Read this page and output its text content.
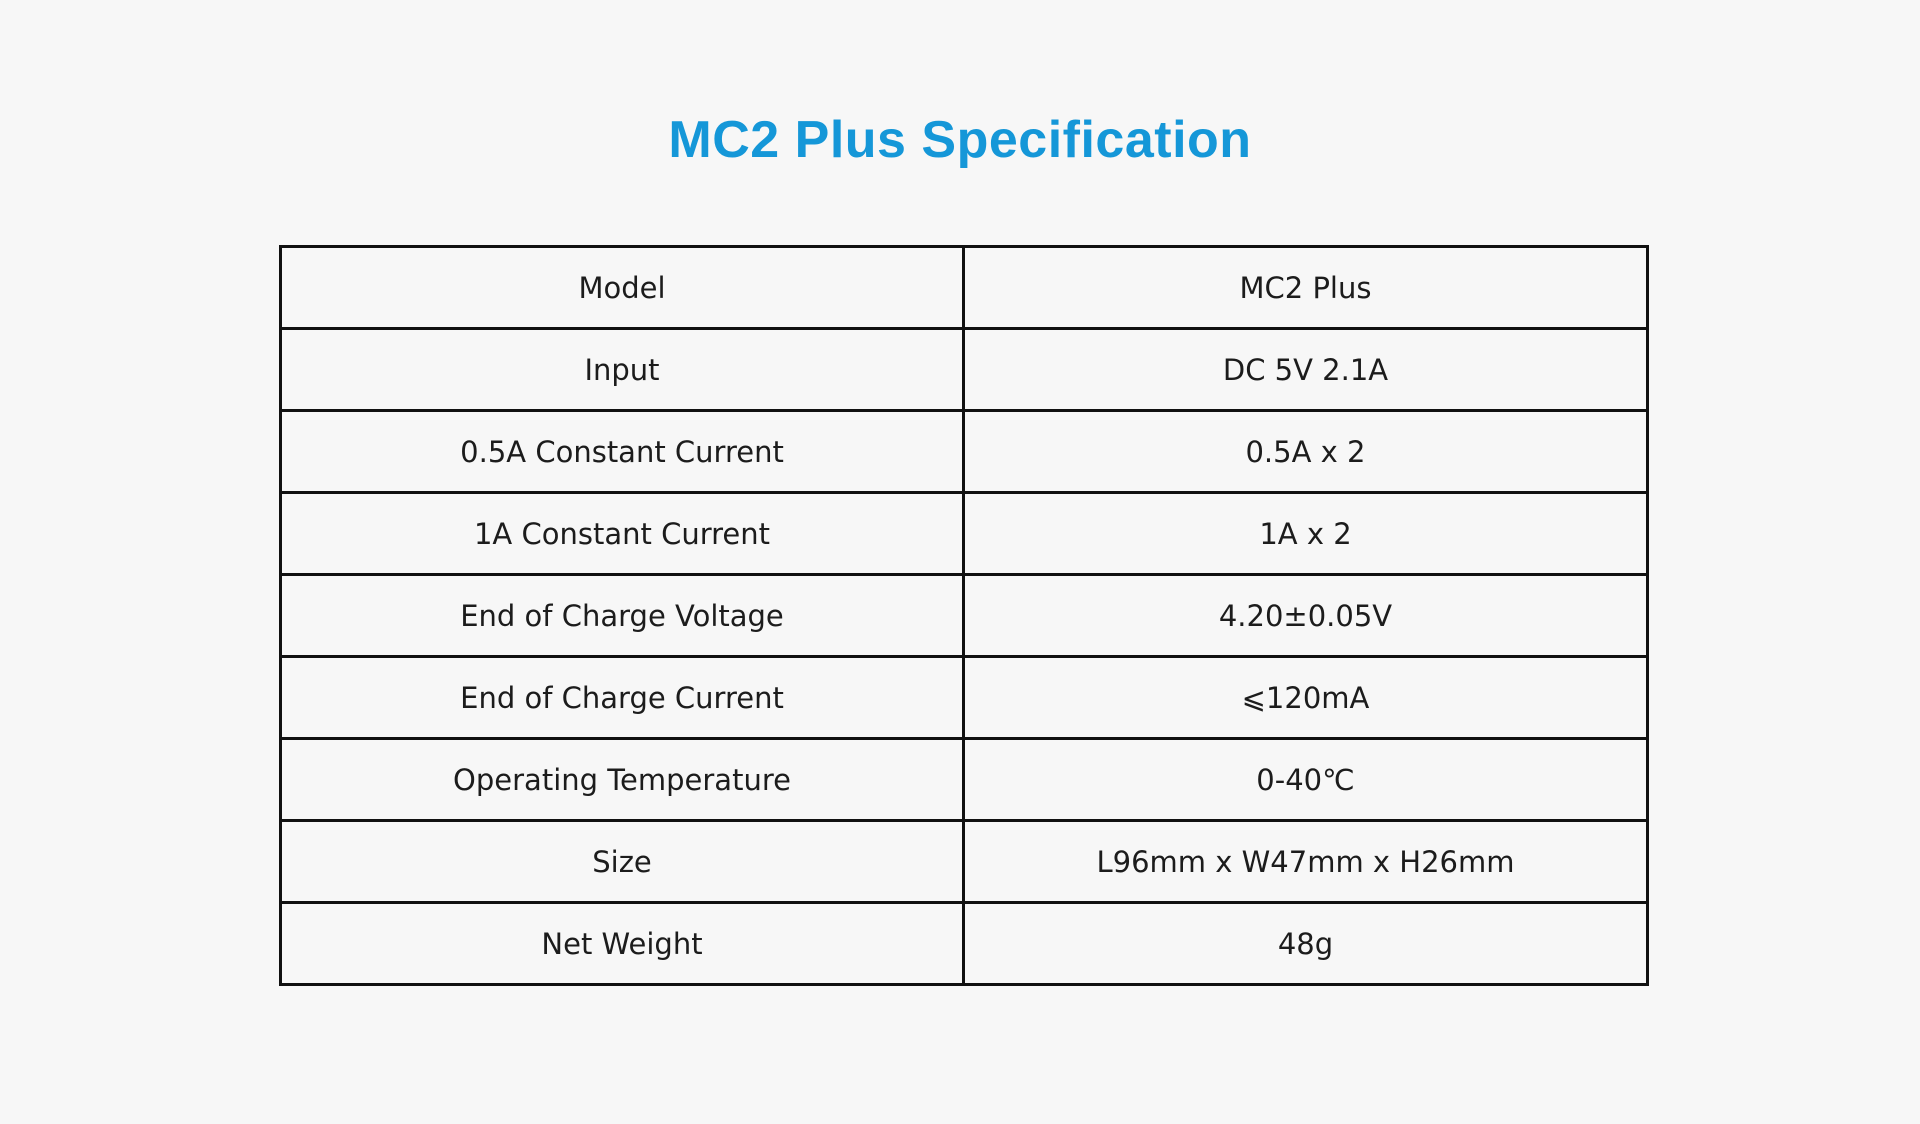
MC2 Plus Specification
Model	MC2 Plus
Input	DC 5V 2.1A
0.5A Constant Current	0.5A x 2
1A Constant Current	1A x 2
End of Charge Voltage	4.20±0.05V
End of Charge Current	⩽120mA
Operating Temperature	0-40℃
Size	L96mm x W47mm x H26mm
Net Weight	48g
